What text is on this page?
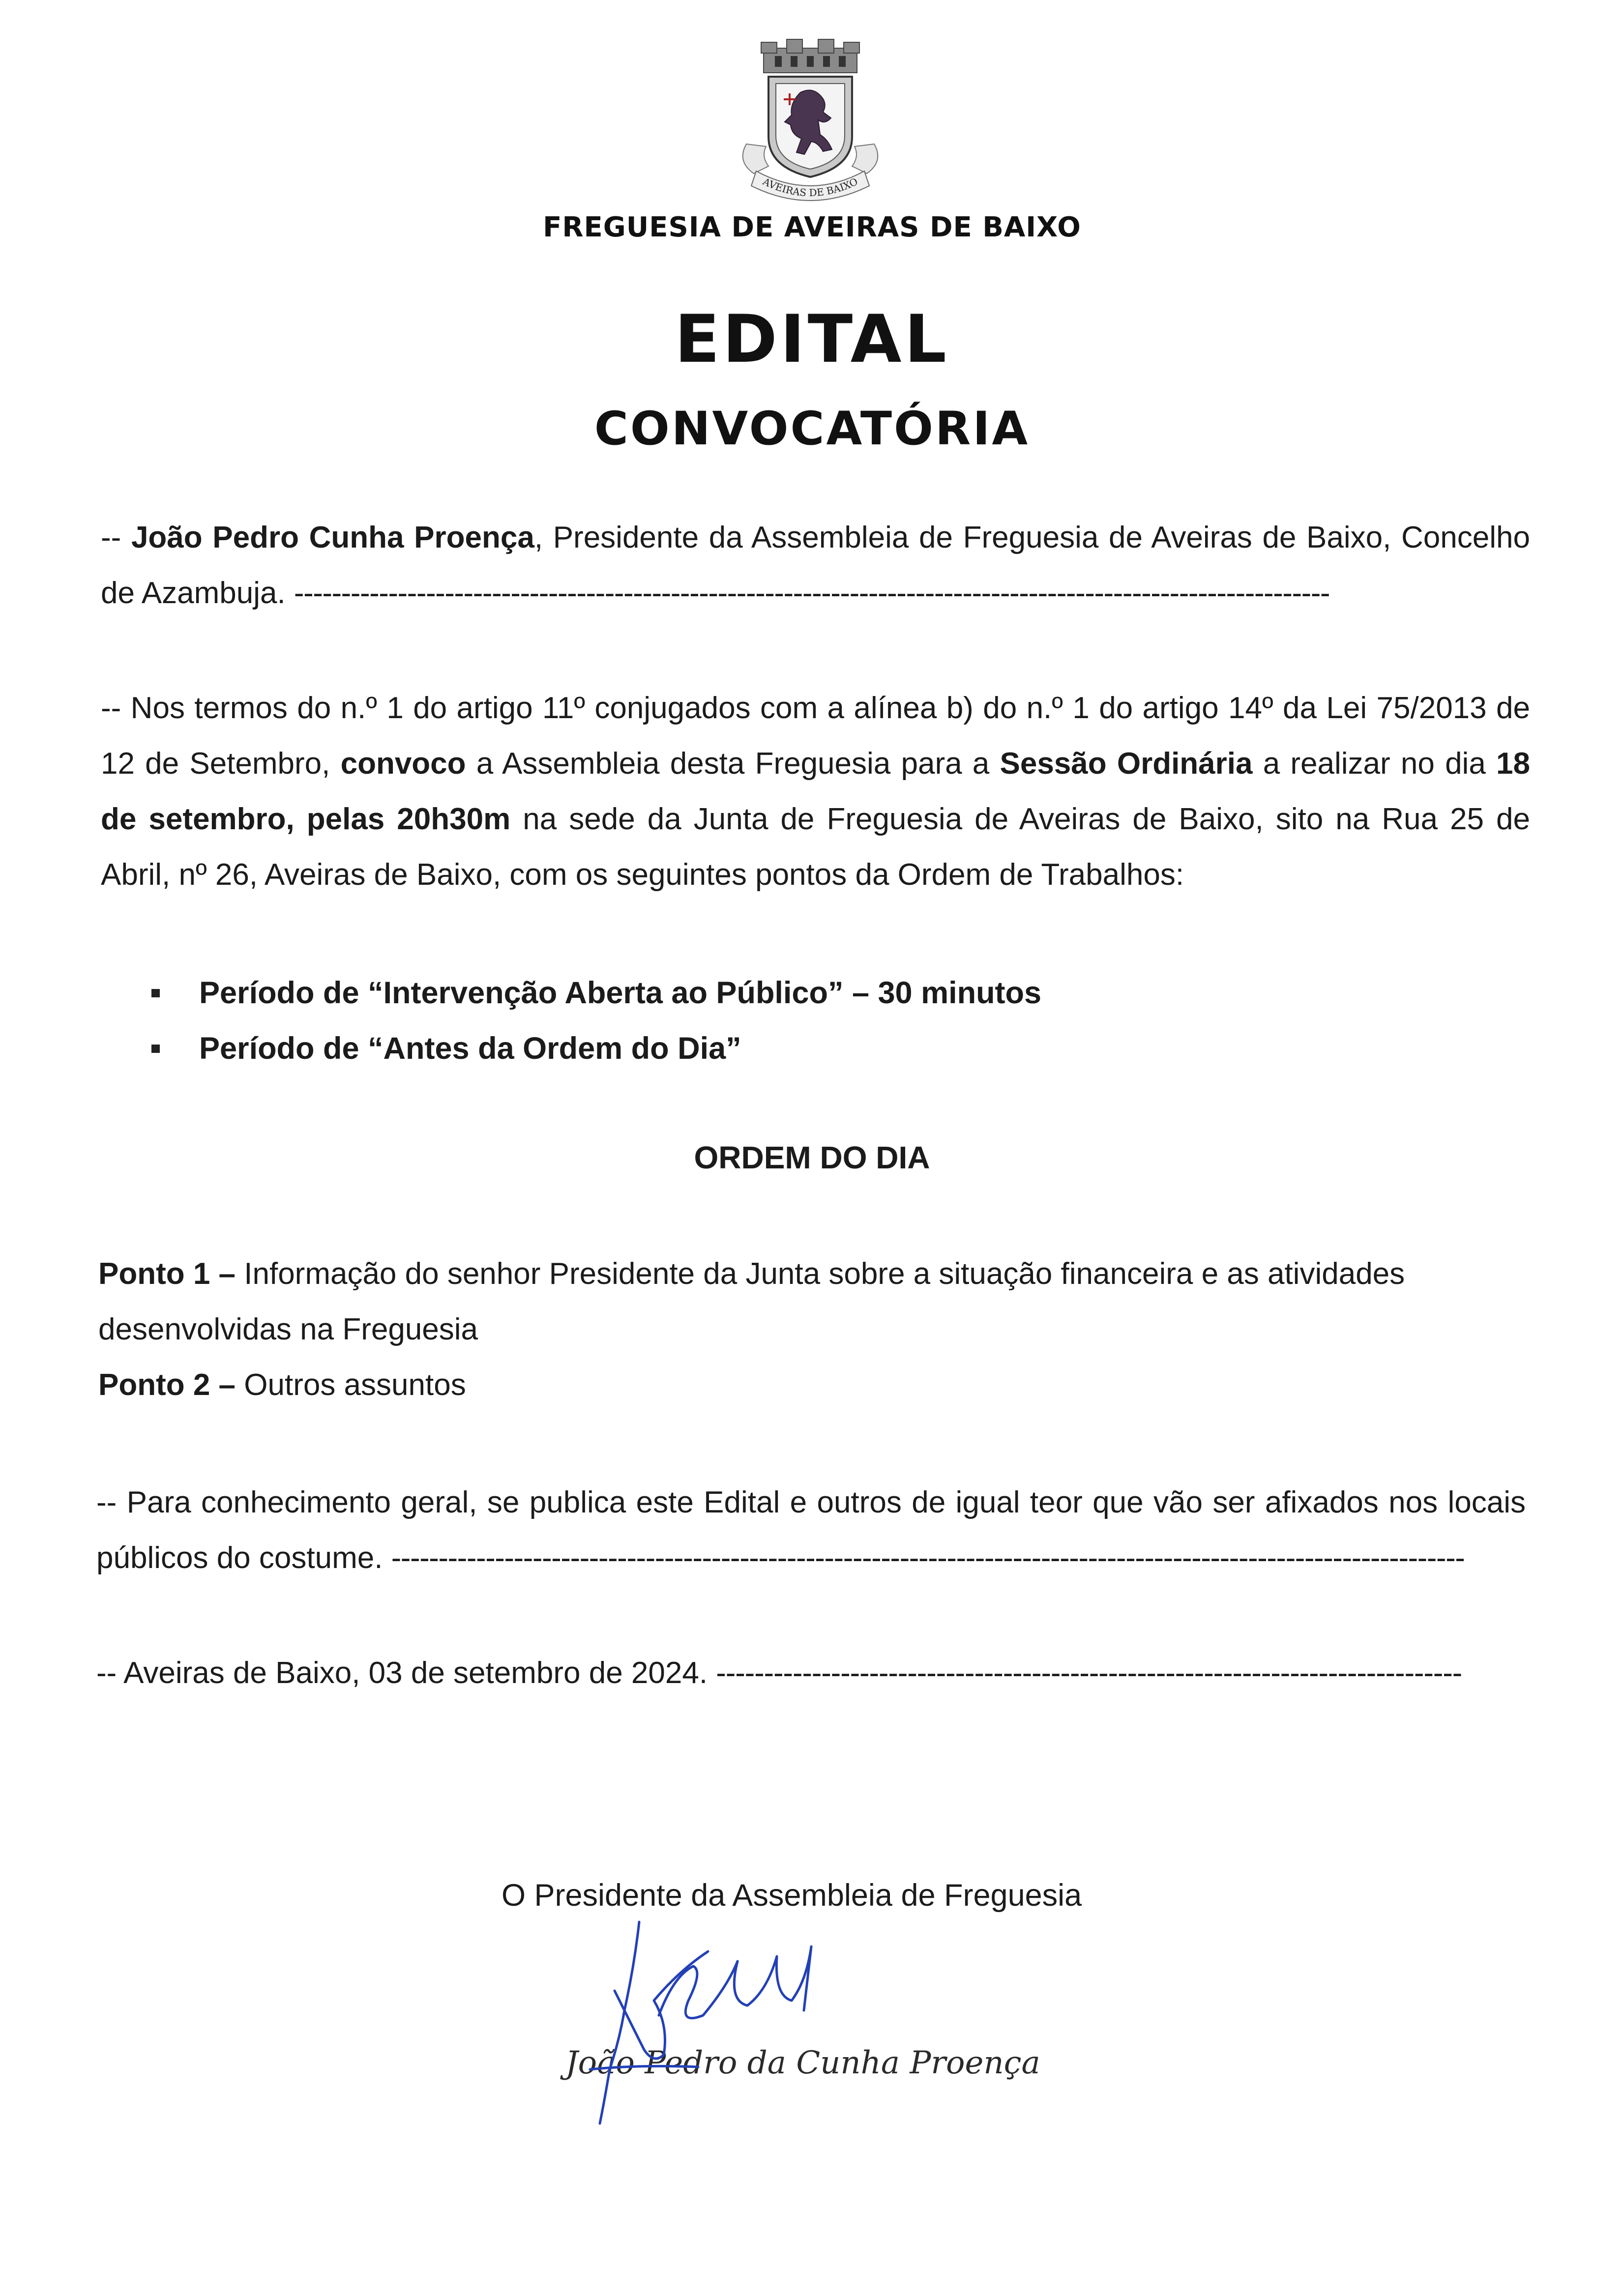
AVEIRAS DE BAIXO
FREGUESIA DE AVEIRAS DE BAIXO
EDITAL
CONVOCATÓRIA
-- João Pedro Cunha Proença, Presidente da Assembleia de Freguesia de Aveiras de Baixo, Concelho de Azambuja. --------------------------------------------------------------------------------------------------------------
-- Nos termos do n.º 1 do artigo 11º conjugados com a alínea b) do n.º 1 do artigo 14º da Lei 75/2013 de 12 de Setembro, convoco a Assembleia desta Freguesia para a Sessão Ordinária a realizar no dia 18 de setembro, pelas 20h30m na sede da Junta de Freguesia de Aveiras de Baixo, sito na Rua 25 de Abril, nº 26, Aveiras de Baixo, com os seguintes pontos da Ordem de Trabalhos:
Período de “Intervenção Aberta ao Público” – 30 minutos
Período de “Antes da Ordem do Dia”
ORDEM DO DIA
Ponto 1 – Informação do senhor Presidente da Junta sobre a situação financeira e as atividades desenvolvidas na Freguesia
Ponto 2 – Outros assuntos
-- Para conhecimento geral, se publica este Edital e outros de igual teor que vão ser afixados nos locais públicos do costume. ------------------------------------------------------------------------------------------------------------------
-- Aveiras de Baixo, 03 de setembro de 2024. ------------------------------------------------------------------------------
O Presidente da Assembleia de Freguesia
João Pedro da Cunha Proença
